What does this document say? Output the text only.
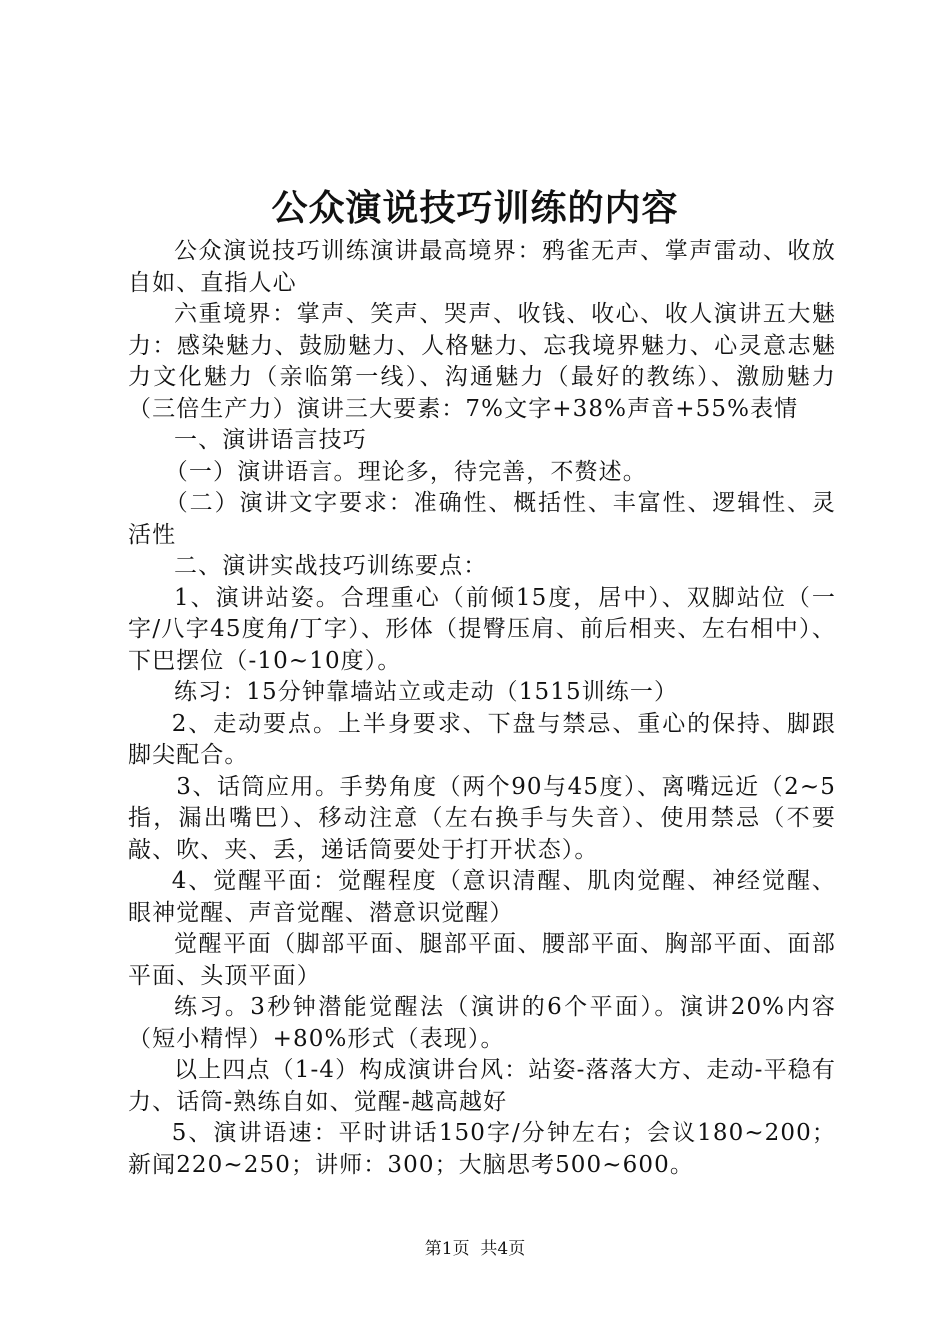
公众演说技巧训练的内容

公众演说技巧训练演讲最高境界：鸦雀无声、掌声雷动、收放自如、直指人心

六重境界：掌声、笑声、哭声、收钱、收心、收人演讲五大魅力：感染魅力、鼓励魅力、人格魅力、忘我境界魅力、心灵意志魅力文化魅力（亲临第一线）、沟通魅力（最好的教练）、激励魅力（三倍生产力）演讲三大要素：7%文字+38%声音+55%表情

一、演讲语言技巧

（一）演讲语言。理论多，待完善，不赘述。

（二）演讲文字要求：准确性、概括性、丰富性、逻辑性、灵活性

二、演讲实战技巧训练要点：

1、演讲站姿。合理重心（前倾15度，居中）、双脚站位（一字/八字45度角/丁字）、形体（提臀压肩、前后相夹、左右相中）、下巴摆位（-10~10度）。

练习：15分钟靠墙站立或走动（1515训练一）

2、走动要点。上半身要求、下盘与禁忌、重心的保持、脚跟脚尖配合。

3、话筒应用。手势角度（两个90与45度）、离嘴远近（2~5指，漏出嘴巴）、移动注意（左右换手与失音）、使用禁忌（不要敲、吹、夹、丢，递话筒要处于打开状态）。

4、觉醒平面：觉醒程度（意识清醒、肌肉觉醒、神经觉醒、眼神觉醒、声音觉醒、潜意识觉醒）

觉醒平面（脚部平面、腿部平面、腰部平面、胸部平面、面部平面、头顶平面）

练习。3秒钟潜能觉醒法（演讲的6个平面）。演讲20%内容（短小精悍）+80%形式（表现）。

以上四点（1-4）构成演讲台风：站姿-落落大方、走动-平稳有力、话筒-熟练自如、觉醒-越高越好

5、演讲语速：平时讲话150字/分钟左右；会议180~200；新闻220~250；讲师：300；大脑思考500~600。

第1页  共4页
